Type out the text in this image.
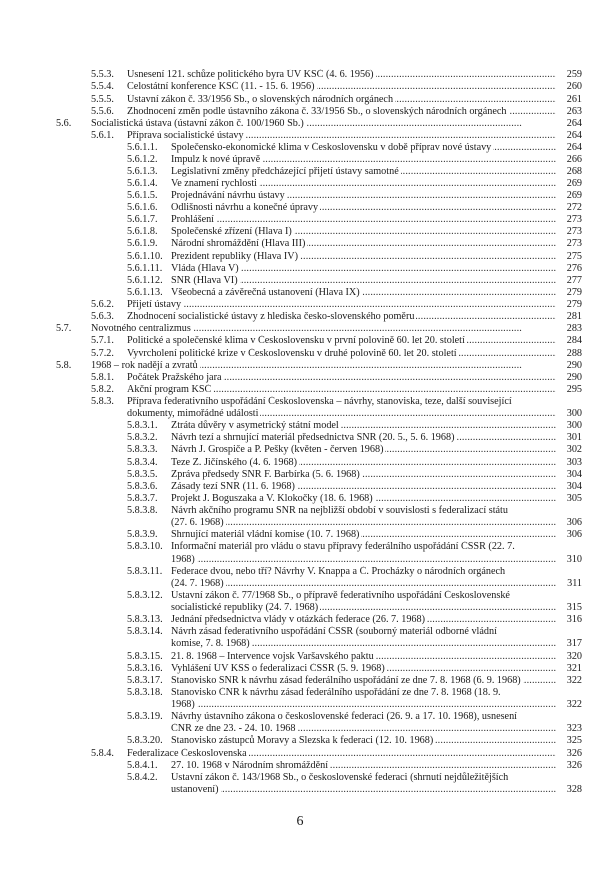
5.5.3. Usnesení 121. schůze politického byra ÚV KSČ (4. 6. 1956) . . .	259
5.5.4. Celostátní konference KSČ (11. - 15. 6. 1956) . . .	260
5.5.5. Ústavní zákon č. 33/1956 Sb., o slovenských národních orgánech . . .	261
5.5.6. Zhodnocení změn podle ústavního zákona č. 33/1956 Sb., o slovenských národních orgánech . . .	263
5.6. Socialistická ústava (ústavní zákon č. 100/1960 Sb.) . . .	264
5.6.1. Příprava socialistické ústavy . . .	264
5.6.1.1. Společensko-ekonomické klima v Československu v době příprav nové ústavy . . .	264
5.6.1.2. Impulz k nové úpravě . . .	266
5.6.1.3. Legislativní změny předcházející přijetí ústavy samotné . . .	268
5.6.1.4. Ve znamení rychlosti . . .	269
5.6.1.5. Projednávání návrhu ústavy . . .	269
5.6.1.6. Odlišnosti návrhu a konečné úpravy . . .	272
5.6.1.7. Prohlášení . . .	273
5.6.1.8. Společenské zřízení (Hlava I) . . .	273
5.6.1.9. Národní shromáždění (Hlava III) . . .	273
5.6.1.10. Prezident republiky (Hlava IV) . . .	275
5.6.1.11. Vláda (Hlava V) . . .	276
5.6.1.12. SNR (Hlava VI) . . .	277
5.6.1.13. Všeobecná a závěrečná ustanovení (Hlava IX) . . .	279
5.6.2. Přijetí ústavy . . .	279
5.6.3. Zhodnocení socialistické ústavy z hlediska česko-slovenského poměru . . .	281
5.7. Novotného centralizmus . . .	283
5.7.1. Politické a společenské klima v Československu v první polovině 60. let 20. století . . .	284
5.7.2. Vyvrcholení politické krize v Československu v druhé polovině 60. let 20. století . . .	288
5.8. 1968 – rok nadějí a zvratů . . .	290
5.8.1. Počátek Pražského jara . . .	290
5.8.2. Akční program KSČ . . .	295
5.8.3. Příprava federativního uspořádání Československa – návrhy, stanoviska, teze, další související
dokumenty, mimořádné události . . .	300
5.8.3.1. Ztráta důvěry v asymetrický státní model . . .	300
5.8.3.2. Návrh tezí a shrnující materiál předsednictva SNR (20. 5., 5. 6. 1968) . . .	301
5.8.3.3. Návrh J. Grospiče a P. Pešky (květen - červen 1968) . . .	302
5.8.3.4. Teze Z. Jičínského (4. 6. 1968) . . .	303
5.8.3.5. Zpráva předsedy SNR F. Barbírka (5. 6. 1968) . . .	304
5.8.3.6. Zásady tezí SNR (11. 6. 1968) . . .	304
5.8.3.7. Projekt J. Boguszaka a V. Klokočky (18. 6. 1968) . . .	305
5.8.3.8. Návrh akčního programu SNR na nejbližší období v souvislosti s federalizací státu
(27. 6. 1968) . . .	306
5.8.3.9. Shrnující materiál vládní komise (10. 7. 1968) . . .	306
5.8.3.10. Informační materiál pro vládu o stavu přípravy federálního uspořádání ČSSR (22. 7.
1968) . . .	310
5.8.3.11. Federace dvou, nebo tří? Návrhy V. Knappa a Č. Procházky o národních orgánech
(24. 7. 1968) . . .	311
5.8.3.12. Ústavní zákon č. 77/1968 Sb., o přípravě federativního uspořádání Československé
socialistické republiky (24. 7. 1968) . . .	315
5.8.3.13. Jednání předsednictva vlády v otázkách federace (26. 7. 1968) . . .	316
5.8.3.14. Návrh zásad federativního uspořádání ČSSR (souborný materiál odborné vládní
komise, 7. 8. 1968) . . .	317
5.8.3.15. 21. 8. 1968 – Intervence vojsk Varšavského paktu . . .	320
5.8.3.16. Vyhlášení ÚV KSS o federalizaci ČSSR (5. 9. 1968) . . .	321
5.8.3.17. Stanovisko SNR k návrhu zásad federálního uspořádání ze dne 7. 8. 1968 (6. 9. 1968) . . .	322
5.8.3.18. Stanovisko ČNR k návrhu zásad federálního uspořádání ze dne 7. 8. 1968 (18. 9.
1968) . . .	322
5.8.3.19. Návrhy ústavního zákona o československé federaci (26. 9. a 17. 10. 1968), usnesení
ČNR ze dne 23. - 24. 10. 1968 . . .	323
5.8.3.20. Stanovisko zástupců Moravy a Slezska k federaci (12. 10. 1968) . . .	325
5.8.4. Federalizace Československa . . .	326
5.8.4.1. 27. 10. 1968 v Národním shromáždění . . .	326
5.8.4.2. Ústavní zákon č. 143/1968 Sb., o československé federaci (shrnutí nejdůležitějších
ustanovení) . . .	328
6
